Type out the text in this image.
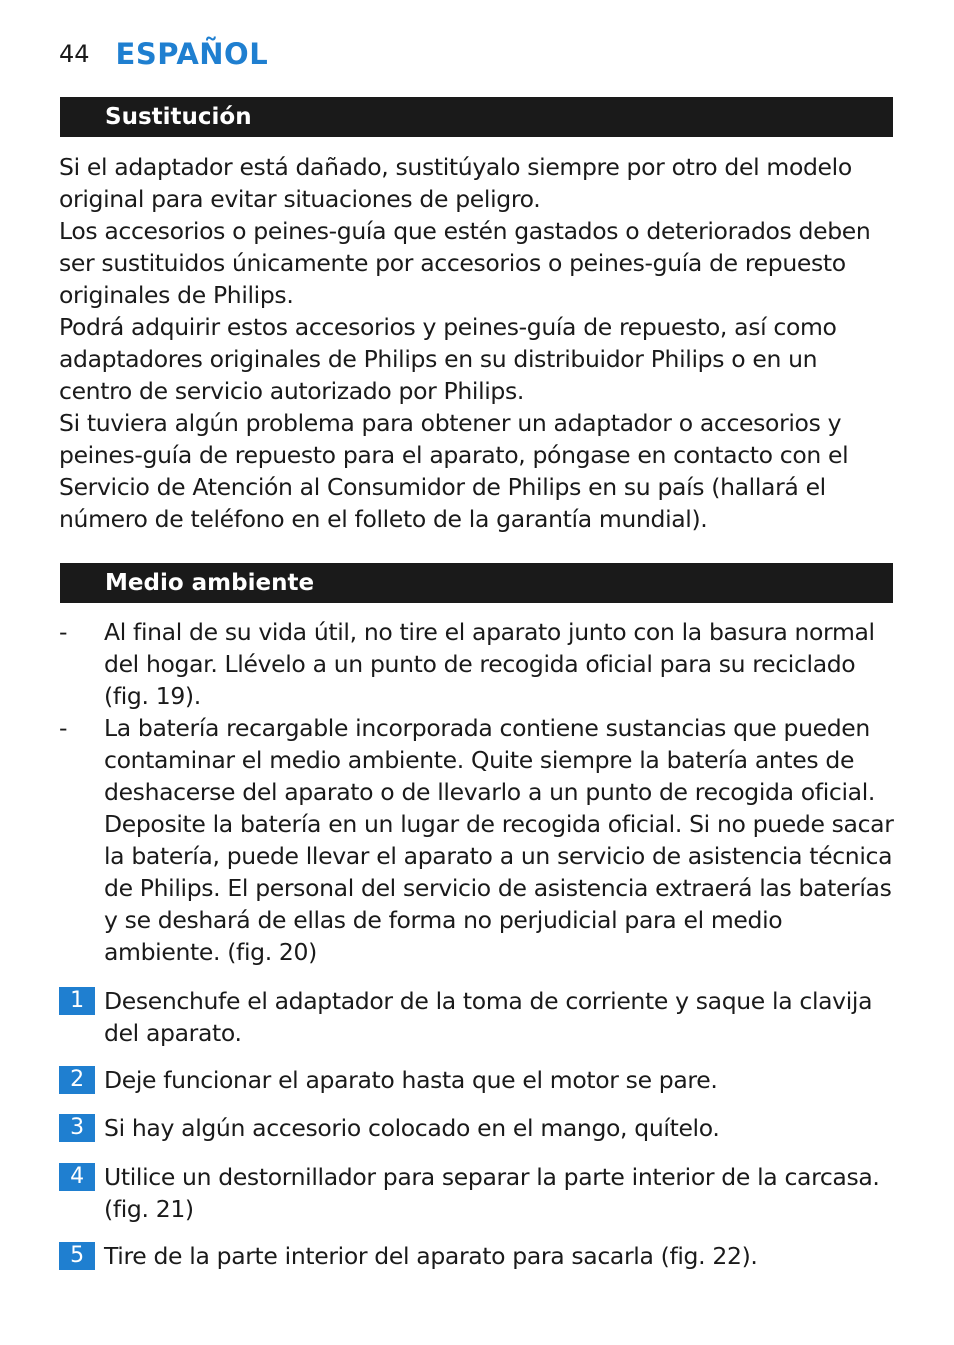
44 ESPAÑOL
Sustitución

Si el adaptador está dañado, sustitúyalo siempre por otro del modelo original para evitar situaciones de peligro.

Los accesorios o peines-guía que estén gastados o deteriorados deben ser sustituidos únicamente por accesorios o peines-guía de repuesto originales de Philips.

Podrá adquirir estos accesorios y peines-guía de repuesto, así como adaptadores originales de Philips en su distribuidor Philips o en un centro de servicio autorizado por Philips.

Si tuviera algún problema para obtener un adaptador o accesorios y peines-guía de repuesto para el aparato, póngase en contacto con el Servicio de Atención al Consumidor de Philips en su país (hallará el número de teléfono en el folleto de la garantía mundial).

Medio ambiente
- Al final de su vida útil, no tire el aparato junto con la basura normal del hogar. Llévelo a un punto de recogida oficial para su reciclado (fig. 19).
- La batería recargable incorporada contiene sustancias que pueden contaminar el medio ambiente. Quite siempre la batería antes de deshacerse del aparato o de llevarlo a un punto de recogida oficial. Deposite la batería en un lugar de recogida oficial. Si no puede sacar la batería, puede llevar el aparato a un servicio de asistencia técnica de Philips. El personal del servicio de asistencia extraerá las baterías y se deshará de ellas de forma no perjudicial para el medio ambiente. (fig. 20)
1 Desenchufe el adaptador de la toma de corriente y saque la clavija del aparato.
2 Deje funcionar el aparato hasta que el motor se pare.
3 Si hay algún accesorio colocado en el mango, quítelo.
4 Utilice un destornillador para separar la parte interior de la carcasa. (fig. 21)
5 Tire de la parte interior del aparato para sacarla (fig. 22).
